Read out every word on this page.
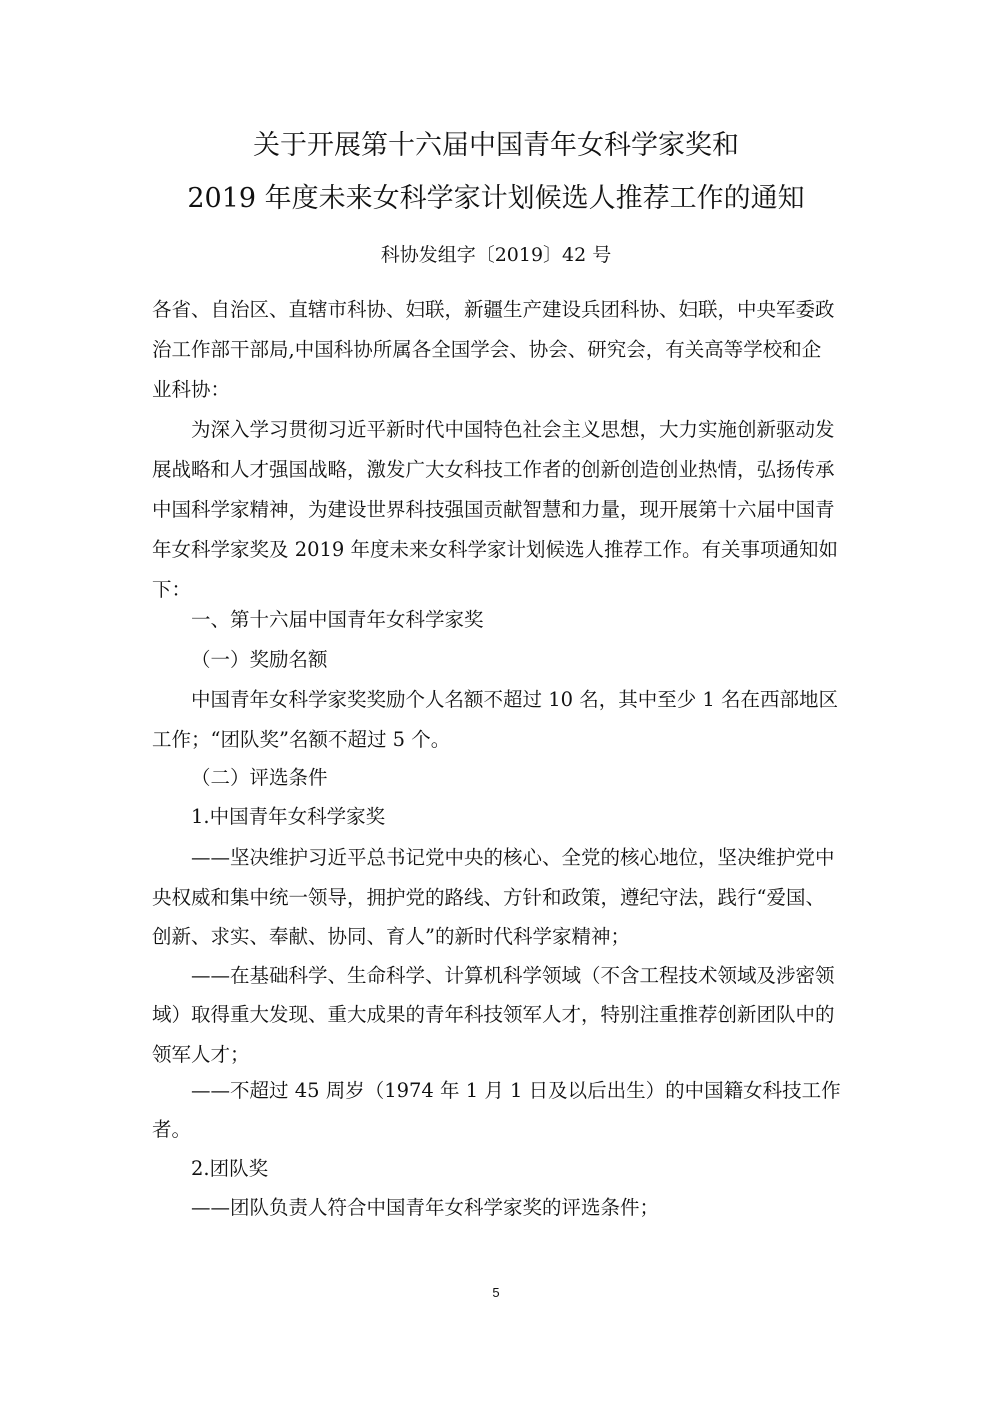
关于开展第十六届中国青年女科学家奖和
2019 年度未来女科学家计划候选人推荐工作的通知
科协发组字〔2019〕42 号
各省、自治区、直辖市科协、妇联，新疆生产建设兵团科协、妇联，中央军委政
治工作部干部局,中国科协所属各全国学会、协会、研究会，有关高等学校和企
业科协：
为深入学习贯彻习近平新时代中国特色社会主义思想，大力实施创新驱动发
展战略和人才强国战略，激发广大女科技工作者的创新创造创业热情，弘扬传承
中国科学家精神，为建设世界科技强国贡献智慧和力量，现开展第十六届中国青
年女科学家奖及 2019 年度未来女科学家计划候选人推荐工作。有关事项通知如
下：
一、第十六届中国青年女科学家奖
（一）奖励名额
中国青年女科学家奖奖励个人名额不超过 10 名，其中至少 1 名在西部地区
工作；“团队奖”名额不超过 5 个。
（二）评选条件
1.中国青年女科学家奖
——坚决维护习近平总书记党中央的核心、全党的核心地位，坚决维护党中
央权威和集中统一领导，拥护党的路线、方针和政策，遵纪守法，践行“爱国、
创新、求实、奉献、协同、育人”的新时代科学家精神；
——在基础科学、生命科学、计算机科学领域（不含工程技术领域及涉密领
域）取得重大发现、重大成果的青年科技领军人才，特别注重推荐创新团队中的
领军人才；
——不超过 45 周岁（1974 年 1 月 1 日及以后出生）的中国籍女科技工作
者。
2.团队奖
——团队负责人符合中国青年女科学家奖的评选条件；
5
